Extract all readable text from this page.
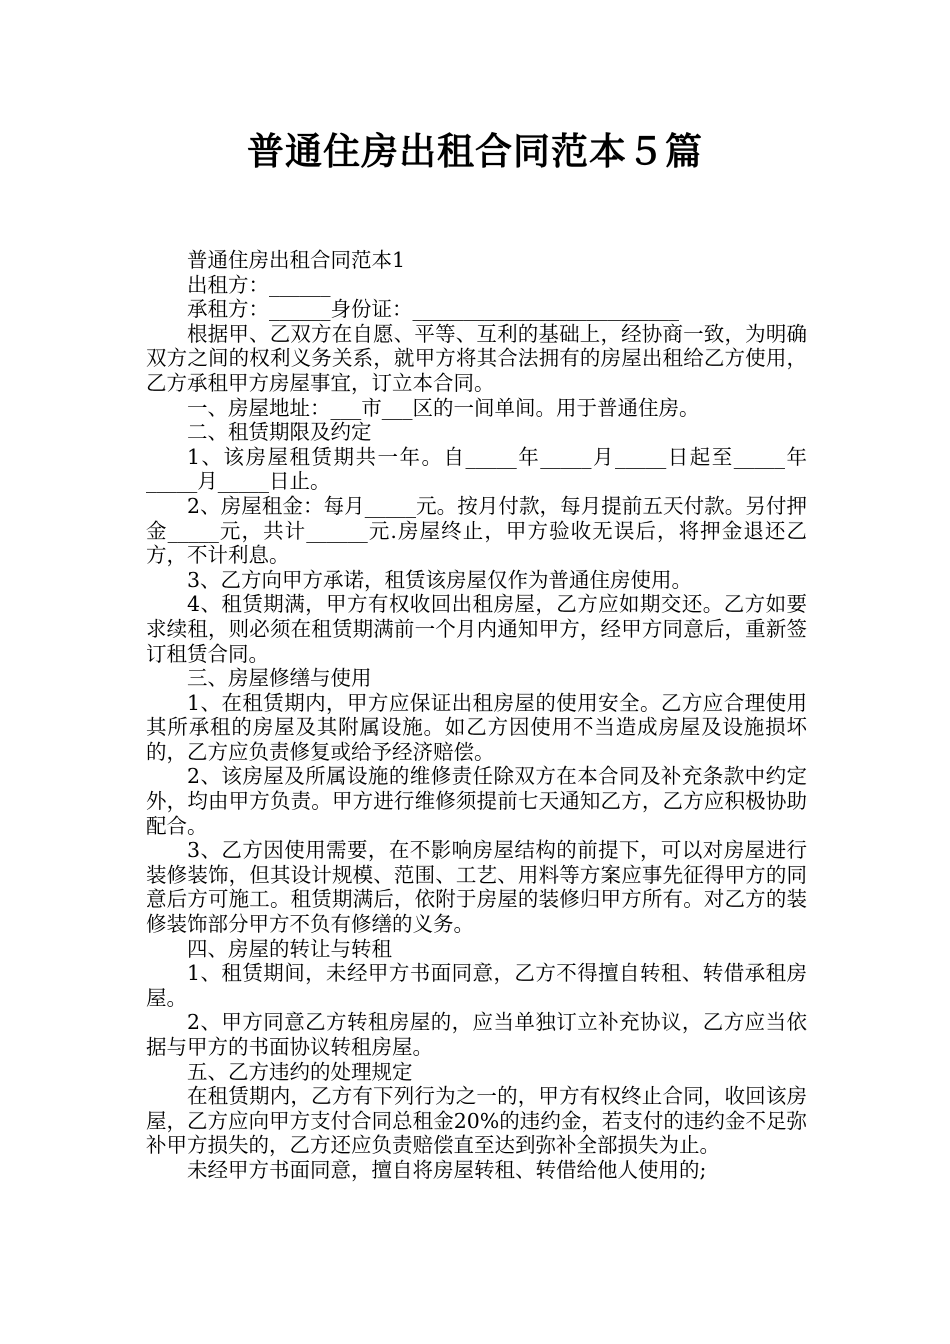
普通住房出租合同范本５篇

普通住房出租合同范本1

出租方：______

承租方：______身份证：__________________________

根据甲、乙双方在自愿、平等、互利的基础上，经协商一致，为明确双方之间的权利义务关系，就甲方将其合法拥有的房屋出租给乙方使用，乙方承租甲方房屋事宜，订立本合同。

一、房屋地址：___市___区的一间单间。用于普通住房。

二、租赁期限及约定

1、该房屋租赁期共一年。自_____年_____月_____日起至_____年_____月_____日止。

2、房屋租金：每月_____元。按月付款，每月提前五天付款。另付押金_____元，共计______元.房屋终止，甲方验收无误后，将押金退还乙方，不计利息。

3、乙方向甲方承诺，租赁该房屋仅作为普通住房使用。

4、租赁期满，甲方有权收回出租房屋，乙方应如期交还。乙方如要求续租，则必须在租赁期满前一个月内通知甲方，经甲方同意后，重新签订租赁合同。

三、房屋修缮与使用

1、在租赁期内，甲方应保证出租房屋的使用安全。乙方应合理使用其所承租的房屋及其附属设施。如乙方因使用不当造成房屋及设施损坏的，乙方应负责修复或给予经济赔偿。

2、该房屋及所属设施的维修责任除双方在本合同及补充条款中约定外，均由甲方负责。甲方进行维修须提前七天通知乙方，乙方应积极协助配合。

3、乙方因使用需要，在不影响房屋结构的前提下，可以对房屋进行装修装饰，但其设计规模、范围、工艺、用料等方案应事先征得甲方的同意后方可施工。租赁期满后，依附于房屋的装修归甲方所有。对乙方的装修装饰部分甲方不负有修缮的义务。

四、房屋的转让与转租

1、租赁期间，未经甲方书面同意，乙方不得擅自转租、转借承租房屋。

2、甲方同意乙方转租房屋的，应当单独订立补充协议，乙方应当依据与甲方的书面协议转租房屋。

五、乙方违约的处理规定

在租赁期内，乙方有下列行为之一的，甲方有权终止合同，收回该房屋，乙方应向甲方支付合同总租金20%的违约金，若支付的违约金不足弥补甲方损失的，乙方还应负责赔偿直至达到弥补全部损失为止。

未经甲方书面同意，擅自将房屋转租、转借给他人使用的;
